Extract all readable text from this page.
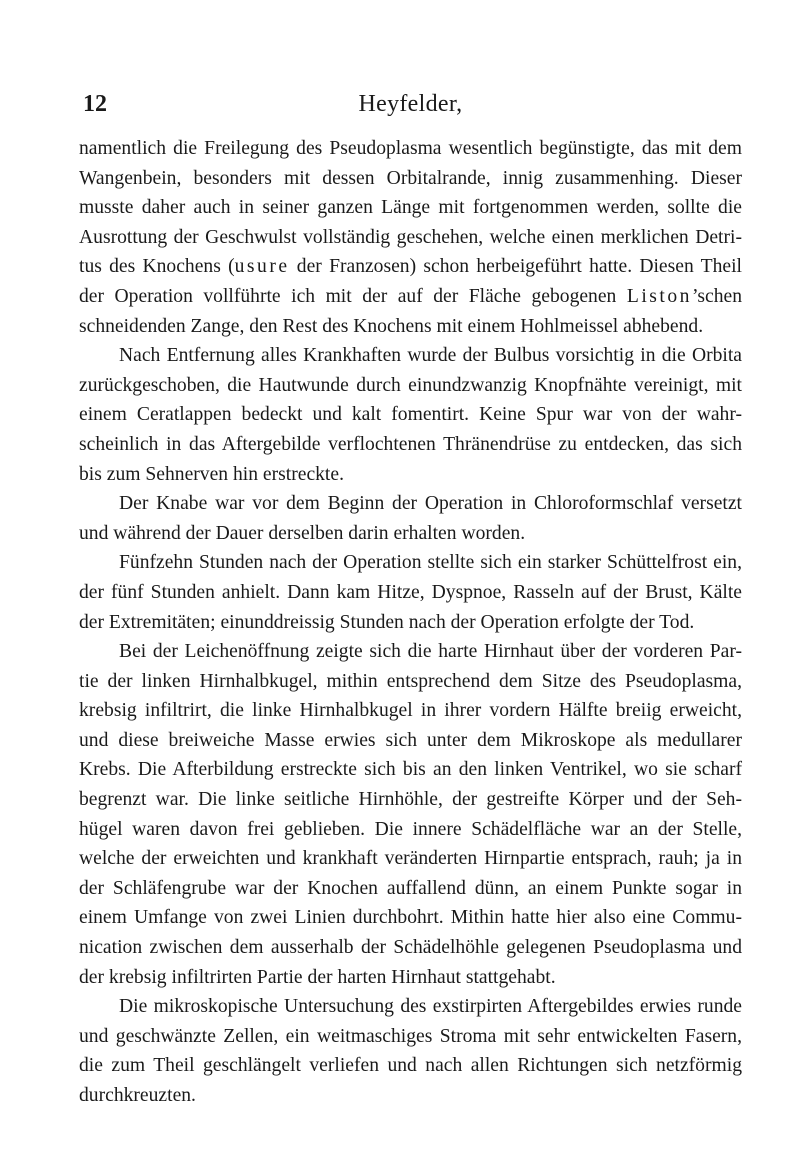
12	Heyfelder,

namentlich die Freilegung des Pseudoplasma wesentlich begünstigte, das mit dem Wangenbein, besonders mit dessen Orbitalrande, innig zusammenhing. Dieser musste daher auch in seiner ganzen Länge mit fortgenommen werden, sollte die Ausrottung der Geschwulst vollständig geschehen, welche einen merklichen Detri- tus des Knochens (usure der Franzosen) schon herbeigeführt hatte. Diesen Theil der Operation vollführte ich mit der auf der Fläche gebogenen Liston’schen schneidenden Zange, den Rest des Knochens mit einem Hohlmeissel abhebend.

Nach Entfernung alles Krankhaften wurde der Bulbus vorsichtig in die Orbita zurückgeschoben, die Hautwunde durch einundzwanzig Knopfnähte vereinigt, mit einem Ceratlappen bedeckt und kalt fomentirt. Keine Spur war von der wahr- scheinlich in das Aftergebilde verflochtenen Thränendrüse zu entdecken, das sich bis zum Sehnerven hin erstreckte.

Der Knabe war vor dem Beginn der Operation in Chloroformschlaf versetzt und während der Dauer derselben darin erhalten worden.

Fünfzehn Stunden nach der Operation stellte sich ein starker Schüttelfrost ein, der fünf Stunden anhielt. Dann kam Hitze, Dyspnoe, Rasseln auf der Brust, Kälte der Extremitäten; einunddreissig Stunden nach der Operation erfolgte der Tod.

Bei der Leichenöffnung zeigte sich die harte Hirnhaut über der vorderen Par- tie der linken Hirnhalbkugel, mithin entsprechend dem Sitze des Pseudoplasma, krebsig infiltrirt, die linke Hirnhalbkugel in ihrer vordern Hälfte breiig erweicht, und diese breiweiche Masse erwies sich unter dem Mikroskope als medullarer Krebs. Die Afterbildung erstreckte sich bis an den linken Ventrikel, wo sie scharf begrenzt war. Die linke seitliche Hirnhöhle, der gestreifte Körper und der Seh- hügel waren davon frei geblieben. Die innere Schädelfläche war an der Stelle, welche der erweichten und krankhaft veränderten Hirnpartie entsprach, rauh; ja in der Schläfengrube war der Knochen auffallend dünn, an einem Punkte sogar in einem Umfange von zwei Linien durchbohrt. Mithin hatte hier also eine Commu- nication zwischen dem ausserhalb der Schädelhöhle gelegenen Pseudoplasma und der krebsig infiltrirten Partie der harten Hirnhaut stattgehabt.

Die mikroskopische Untersuchung des exstirpirten Aftergebildes erwies runde und geschwänzte Zellen, ein weitmaschiges Stroma mit sehr entwickelten Fasern, die zum Theil geschlängelt verliefen und nach allen Richtungen sich netzförmig durchkreuzten.
